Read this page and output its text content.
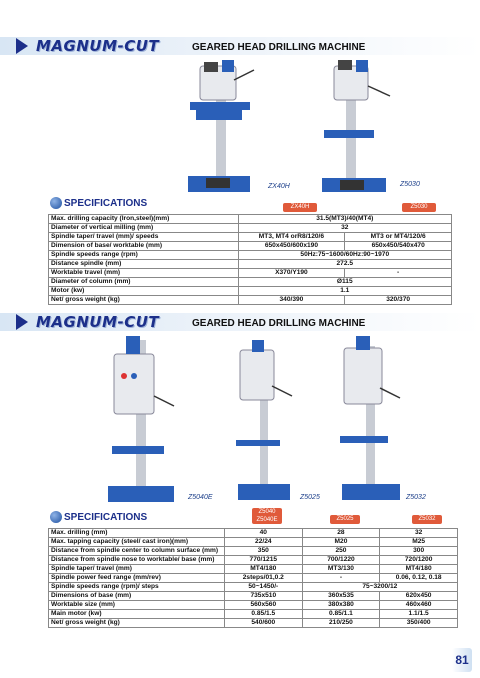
MAGNUM-CUT	GEARED HEAD DRILLING MACHINE
ZX40H	Z5030
SPECIFICATIONS	ZX40H	Z5030
Max. drilling capacity (Iron,steel)(mm)	31.5(MT3)/40(MT4)	
Diameter of vertical milling (mm)	32	
Spindle taper/ travel (mm)/ speeds	MT3, MT4 orR8/120/6	MT3 or MT4/120/6
Dimension of base/ worktable (mm)	650x450/600x190	650x450/540x470
Spindle speeds range (rpm)	50Hz:75~1600/60Hz:90~1970	
Distance spindle (mm)	272.5	
Worktable travel (mm)	X370/Y190	-
Diameter of column (mm)	Ø115	
Motor (kw)	1.1	
Net/ gross weight (kg)	340/390	320/370
MAGNUM-CUT	GEARED HEAD DRILLING MACHINE
Z5040E	Z5025	Z5032
SPECIFICATIONS	Z5040
Z5040E	Z5025	Z5032
Max. drilling (mm)	40	28	32
Max. tapping capacity (steel/ cast iron)(mm)	22/24	M20	M25
Distance from spindle center to column surface (mm)	350	250	300
Distance from spindle nose to worktable/ base (mm)	770/1215	700/1220	720/1200
Spindle taper/ travel (mm)	MT4/180	MT3/130	MT4/180
Spindle power feed range (mm/rev)	2steps/01,0.2	-	0.06, 0.12, 0.18
Spindle speeds range (rpm)/ steps	50~1450/-	75~3200/12	
Dimensions of base (mm)	735x510	360x535	620x450
Worktable size (mm)	560x560	380x380	460x460
Main motor (kw)	0.85/1.5	0.85/1.1	1.1/1.5
Net/ gross weight (kg)	540/600	210/250	350/400
81
